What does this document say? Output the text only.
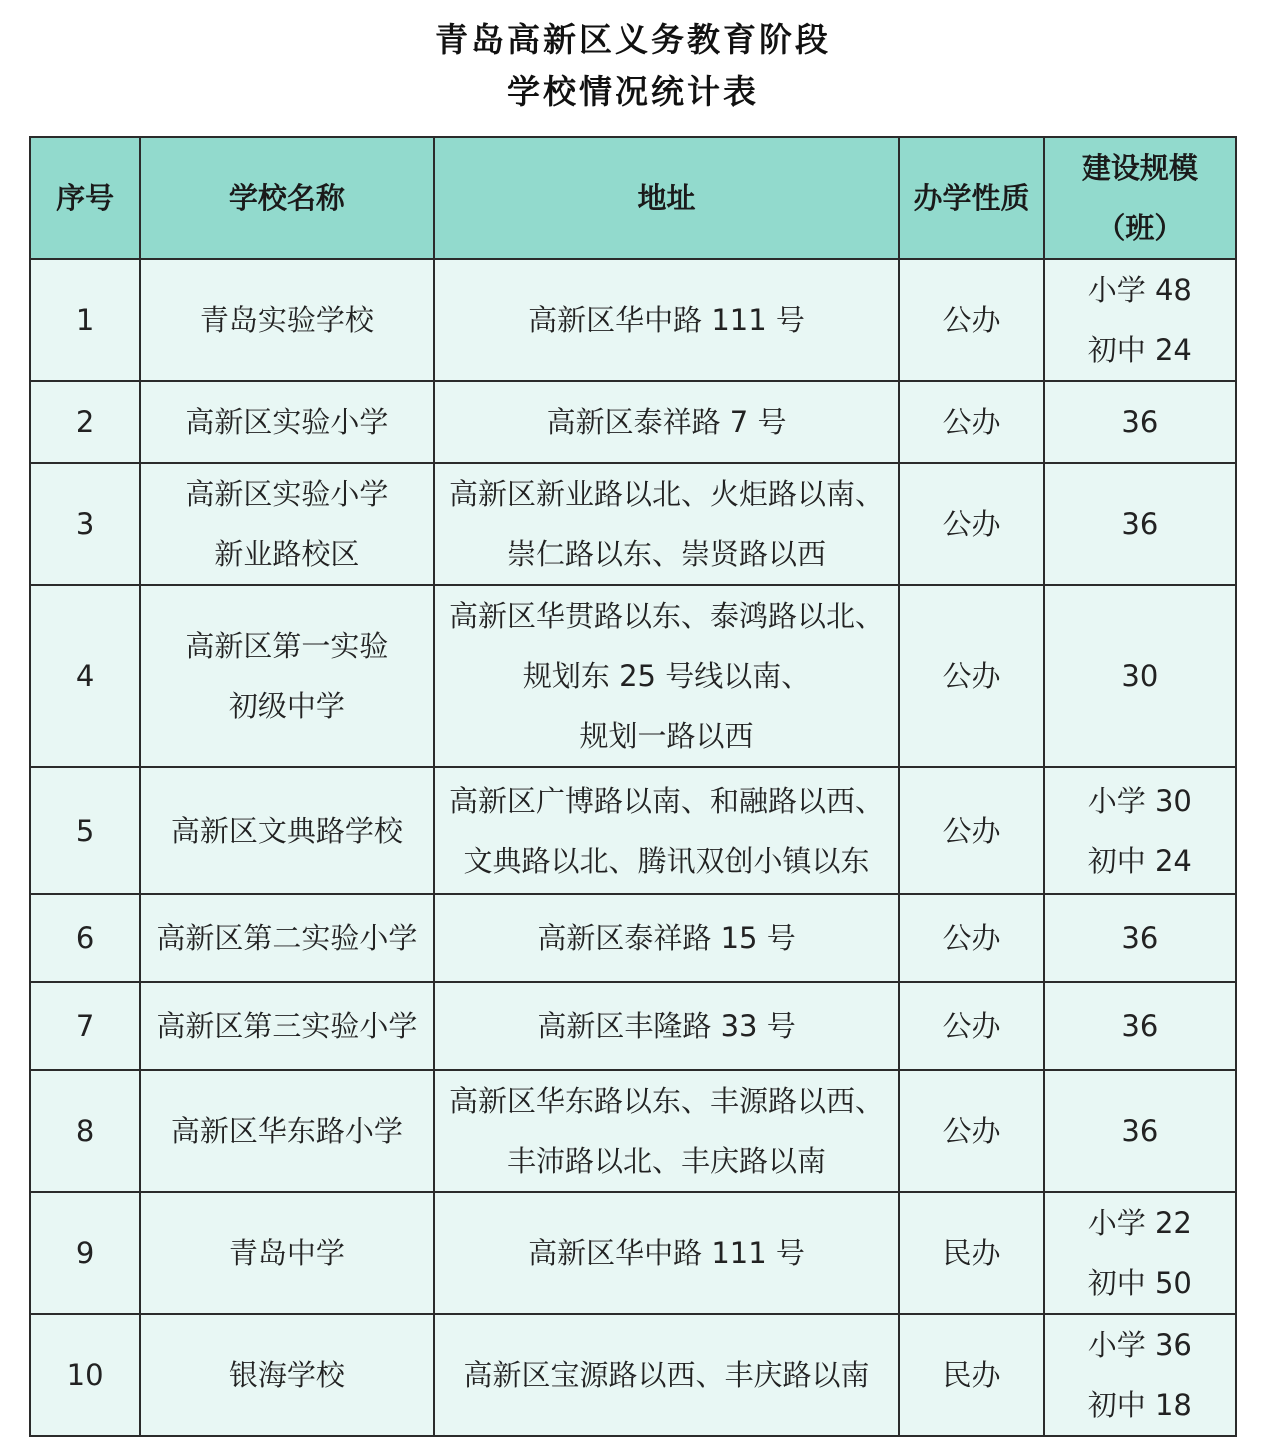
青岛高新区义务教育阶段
学校情况统计表
序号	学校名称	地址	办学性质	建设规模
（班）

1	青岛实验学校	高新区华中路 111 号	公办	小学 48
初中 24

2	高新区实验小学	高新区泰祥路 7 号	公办	36

3	高新区实验小学
新业路校区	高新区新业路以北、火炬路以南、
崇仁路以东、崇贤路以西	公办	36

4	高新区第一实验
初级中学	高新区华贯路以东、泰鸿路以北、
规划东 25 号线以南、
规划一路以西	公办	30

5	高新区文典路学校	高新区广博路以南、和融路以西、
文典路以北、腾讯双创小镇以东	公办	小学 30
初中 24

6	高新区第二实验小学	高新区泰祥路 15 号	公办	36

7	高新区第三实验小学	高新区丰隆路 33 号	公办	36

8	高新区华东路小学	高新区华东路以东、丰源路以西、
丰沛路以北、丰庆路以南	公办	36

9	青岛中学	高新区华中路 111 号	民办	小学 22
初中 50

10	银海学校	高新区宝源路以西、丰庆路以南	民办	小学 36
初中 18
